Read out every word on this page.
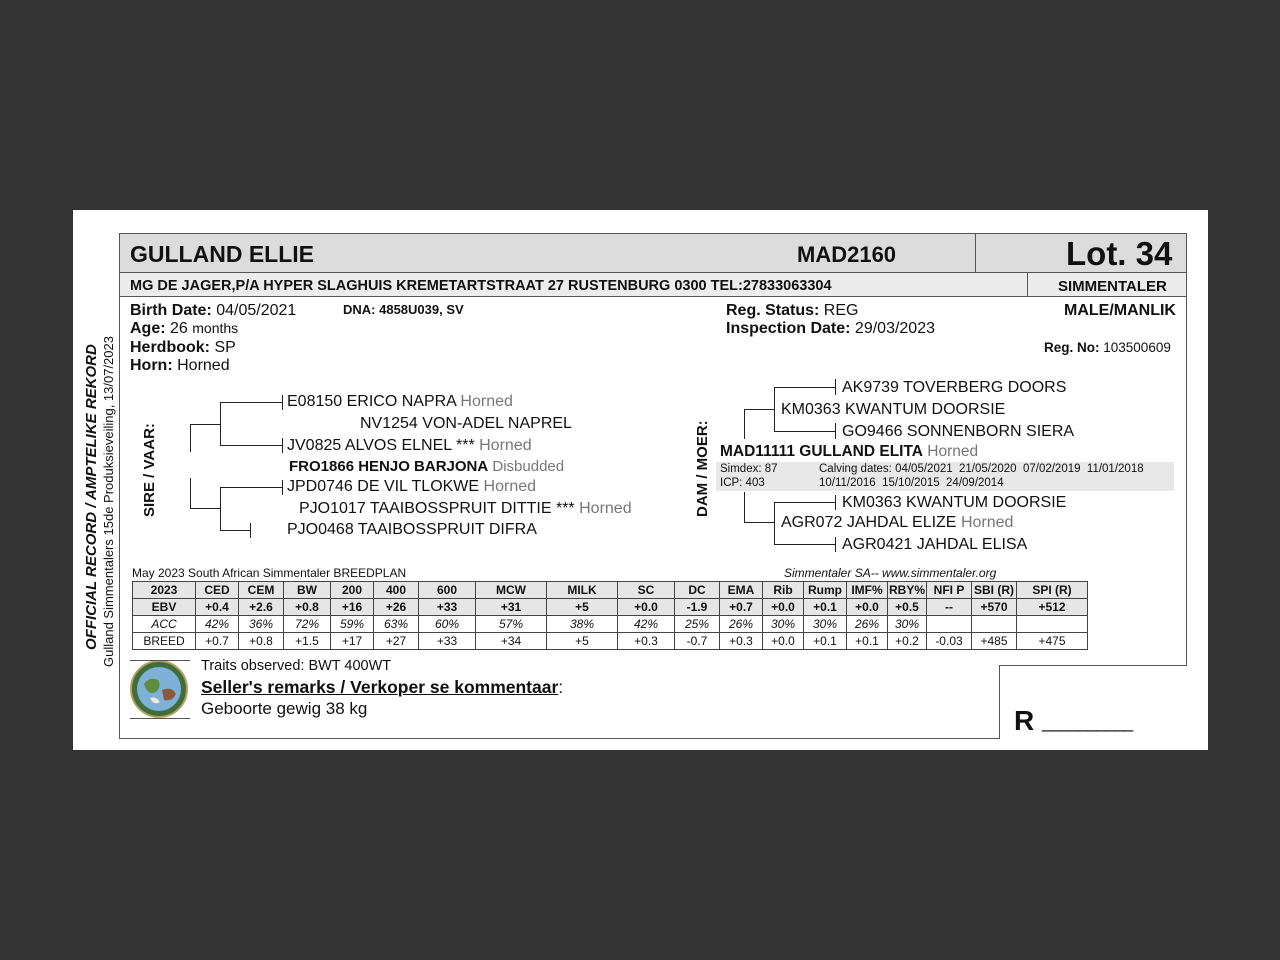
OFFICIAL RECORD / AMPTELIKE REKORD Gulland Simmentalers 15de Produksieveiling, 13/07/2023
GULLAND ELLIE	MAD2160	Lot. 34
MG DE JAGER,P/A HYPER SLAGHUIS KREMETARTSTRAAT 27 RUSTENBURG 0300 TEL:27833063304	SIMMENTALER
Birth Date: 04/05/2021	DNA: 4858U039, SV
Age: 26 months
Herdbook: SP
Horn: Horned
Reg. Status: REG
Inspection Date: 29/03/2023
MALE/MANLIK
Reg. No: 103500609
SIRE / VAAR:
E08150 ERICO NAPRA Horned
NV1254 VON-ADEL NAPREL
JV0825 ALVOS ELNEL *** Horned
FRO1866 HENJO BARJONA Disbudded
JPD0746 DE VIL TLOKWE Horned
PJO1017 TAAIBOSSPRUIT DITTIE *** Horned
PJO0468 TAAIBOSSPRUIT DIFRA
DAM / MOER:
AK9739 TOVERBERG DOORS
KM0363 KWANTUM DOORSIE
GO9466 SONNENBORN SIERA
MAD11111 GULLAND ELITA Horned
Simdex: 87
ICP: 403
Calving dates: 04/05/2021  21/05/2020  07/02/2019  11/01/2018
10/11/2016  15/10/2015  24/09/2014
KM0363 KWANTUM DOORSIE
AGR072 JAHDAL ELIZE Horned
AGR0421 JAHDAL ELISA
May 2023 South African Simmentaler BREEDPLAN	Simmentaler SA-- www.simmentaler.org
2023	CED	CEM	BW	200	400	600	MCW	MILK	SC	DC	EMA	Rib	Rump	IMF%	RBY%	NFI P	SBI (R)	SPI (R)
EBV	+0.4	+2.6	+0.8	+16	+26	+33	+31	+5	+0.0	-1.9	+0.7	+0.0	+0.1	+0.0	+0.5	--	+570	+512
ACC	42%	36%	72%	59%	63%	60%	57%	38%	42%	25%	26%	30%	30%	26%	30%			
BREED	+0.7	+0.8	+1.5	+17	+27	+33	+34	+5	+0.3	-0.7	+0.3	+0.0	+0.1	+0.1	+0.2	-0.03	+485	+475
Traits observed: BWT 400WT
Seller's remarks / Verkoper se kommentaar:
Geboorte gewig 38 kg	R __________
